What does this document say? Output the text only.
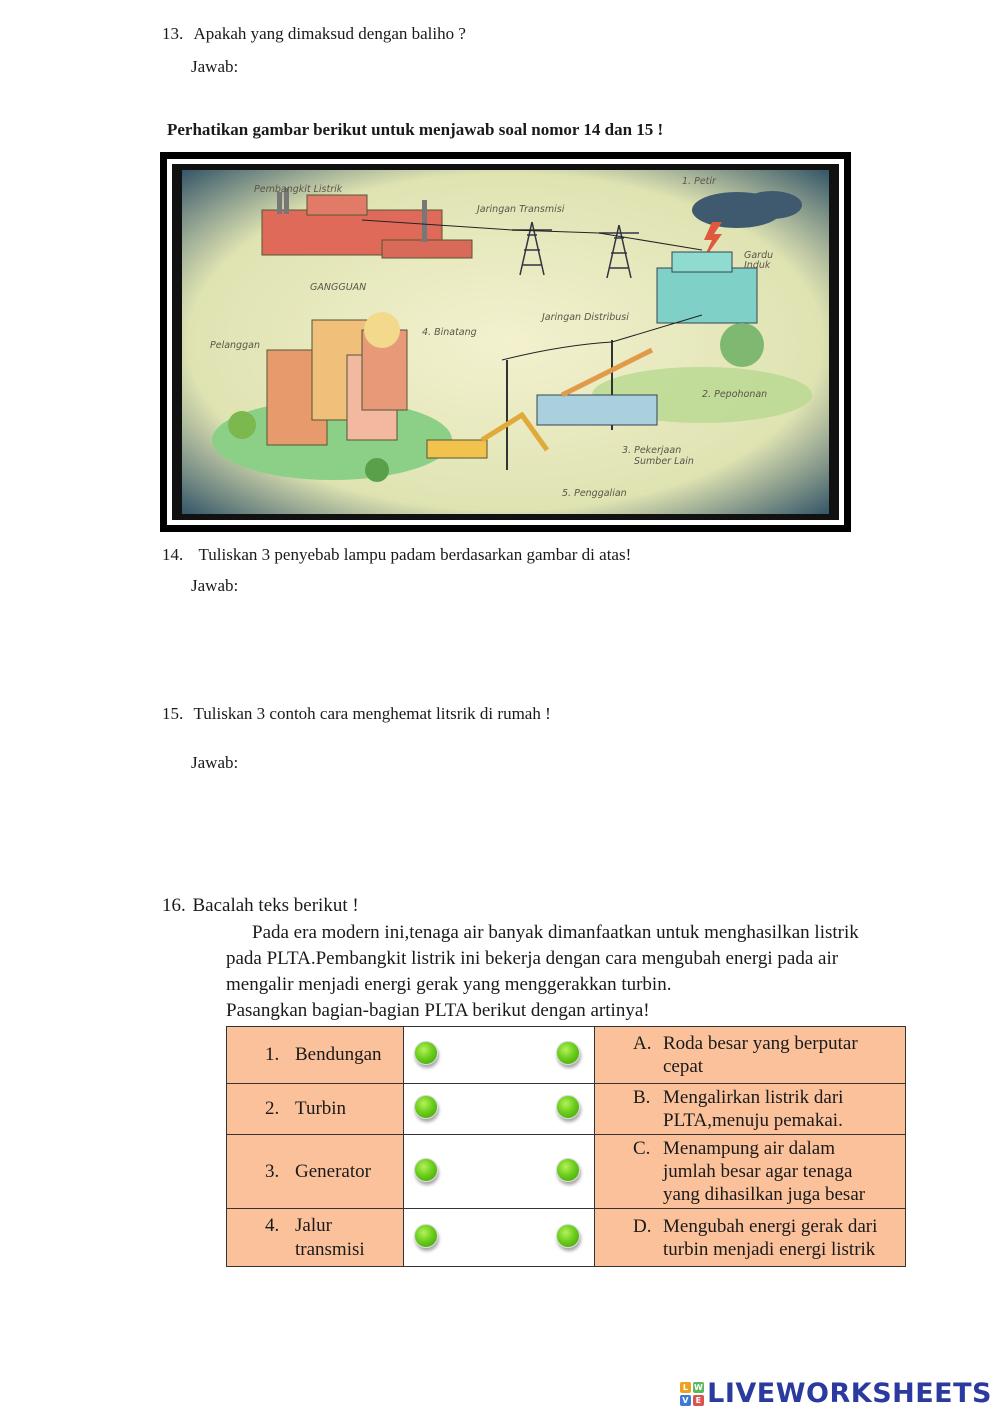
13. Apakah yang dimaksud dengan baliho ?
Jawab:
Perhatikan gambar berikut untuk menjawab soal nomor 14 dan 15 !
Pembangkit Listrik
Jaringan Transmisi
1. Petir
Gardu
Induk
GANGGUAN
4. Binatang
Jaringan Distribusi
Pelanggan
2. Pepohonan
3. Pekerjaan
Sumber Lain
5. Penggalian
14. Tuliskan 3 penyebab lampu padam berdasarkan gambar di atas!
Jawab:
15. Tuliskan 3 contoh cara menghemat litsrik di rumah !
Jawab:
16. Bacalah teks berikut !
Pada era modern ini,tenaga air banyak dimanfaatkan untuk menghasilkan listrik
pada PLTA.Pembangkit listrik ini bekerja dengan cara mengubah energi pada air
mengalir menjadi energi gerak yang menggerakkan turbin.
Pasangkan bagian-bagian PLTA berikut dengan artinya!
1. Bendungan		A. Roda besar yang berputar
cepat

2. Turbin		B. Mengalirkan listrik dari
PLTA,menuju pemakai.

3. Generator		C. Menampung air dalam
jumlah besar agar tenaga
yang dihasilkan juga besar

4. Jalur
transmisi		D. Mengubah energi gerak dari
turbin menjadi energi listrik
L W
V E LIVEWORKSHEETS
